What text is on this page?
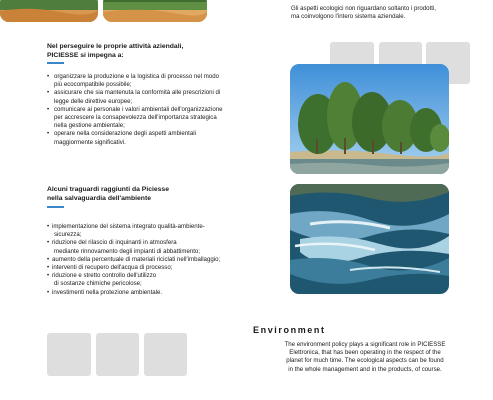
Gli aspetti ecologici non riguardano soltanto i prodotti,
ma coinvolgono l'intero sistema aziendale.
Nel perseguire le proprie attività aziendali,
PICIESSE si impegna a:
• organizzare la produzione e la logistica di processo nel modo
più ecocompatibile possibile;
• assicurare che sia mantenuta la conformità alle prescrizioni di
legge delle direttive europee;
• comunicare ai personale i valori ambientali dell'organizzazione
per accrescere la consapevolezza dell'importanza strategica
nella gestione ambientale;
• operare nella considerazione degli aspetti ambientali
maggiormente significativi.
Alcuni traguardi raggiunti da Piciesse
nella salvaguardia dell'ambiente
• implementazione del sistema integrato qualità-ambiente-
sicurezza;
• riduzione del rilascio di inquinanti in atmosfera
mediante rinnovamento degli impianti di abbattimento;
• aumento della percentuale di materiali riciclati nell'imballaggio;
• interventi di recupero dell'acqua di processo;
• riduzione e stretto controllo dell'utilizzo
di sostanze chimiche pericolose;
• investimenti nella protezione ambientale.
Environment
The environment policy plays a significant role in PICIESSE
Elettronica, that has been operating in the respect of the
planet for much time. The ecological aspects can be found
in the whole management and in the products, of course.
